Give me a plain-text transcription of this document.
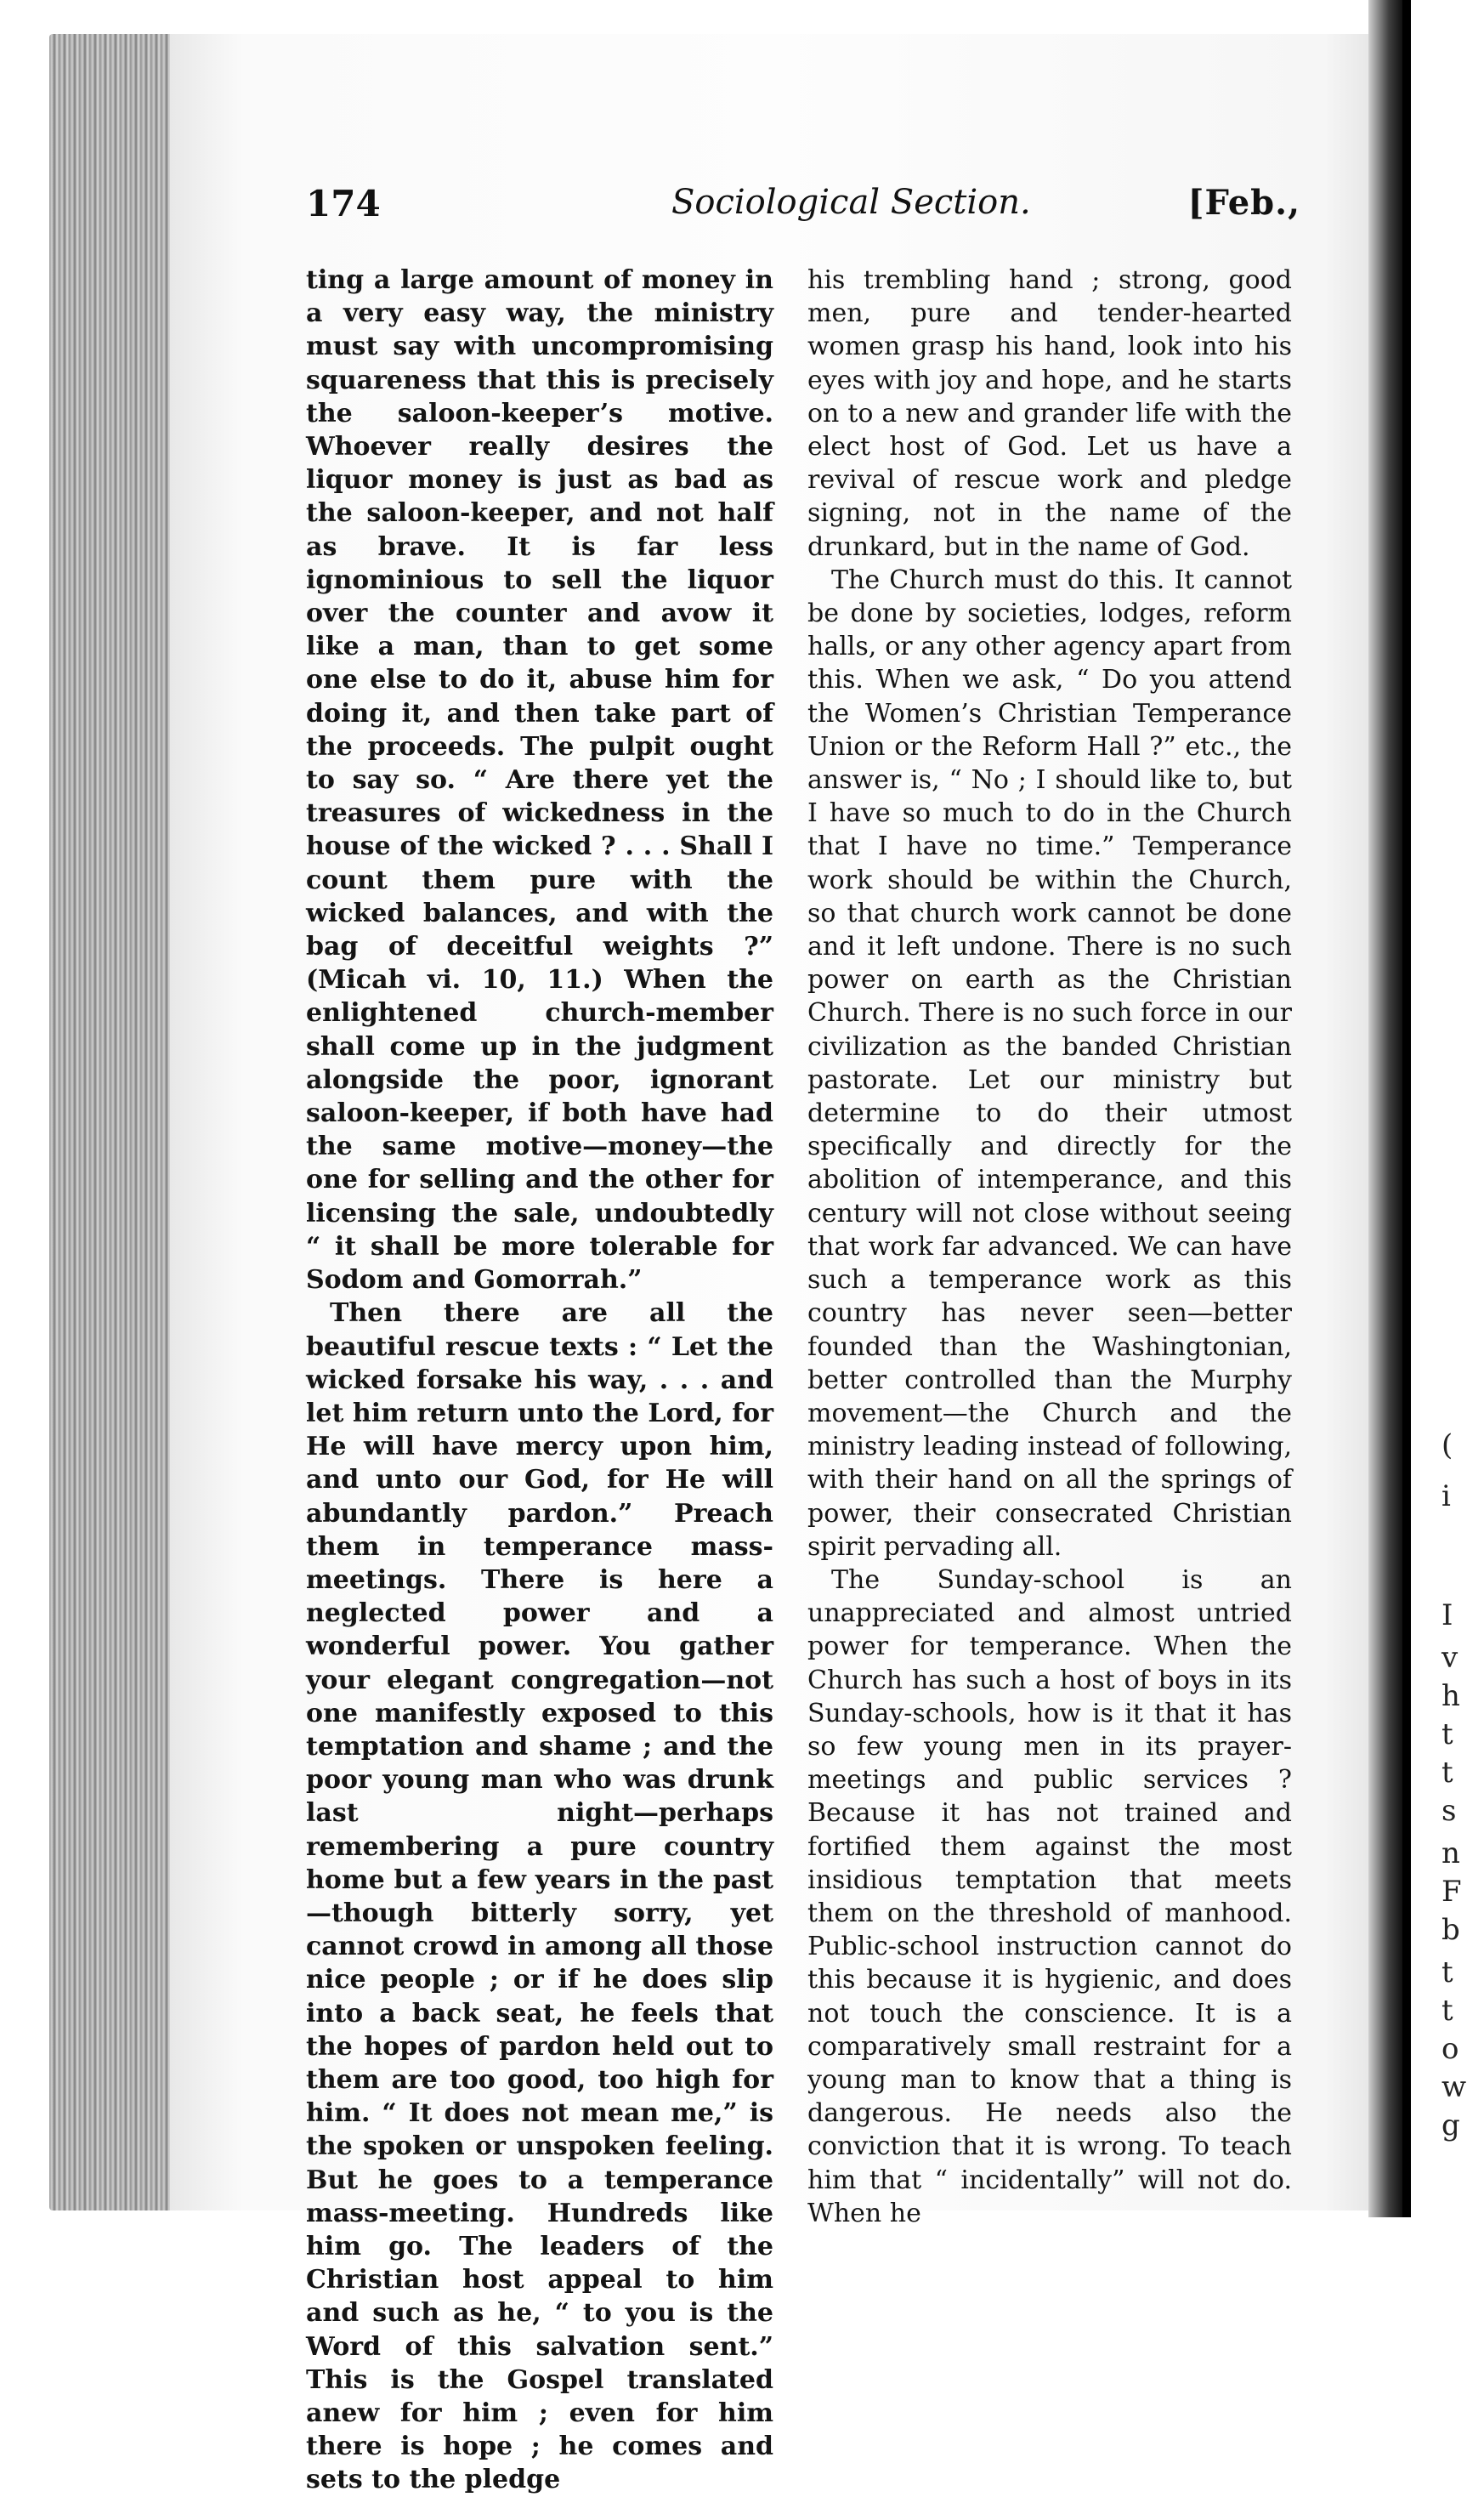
(
i
I
v
h
t
t
s
n
F
b
t
t
o
w
g
174	Sociological Section.	[Feb.,

ting a large amount of money in a very easy way, the ministry must say with uncompromising squareness that this is precisely the saloon-keeper’s motive. Whoever really desires the liquor money is just as bad as the saloon-keeper, and not half as brave. It is far less ignominious to sell the liquor over the counter and avow it like a man, than to get some one else to do it, abuse him for doing it, and then take part of the proceeds. The pulpit ought to say so. “ Are there yet the treasures of wickedness in the house of the wicked ? . . . Shall I count them pure with the wicked balances, and with the bag of deceitful weights ?” (Micah vi. 10, 11.) When the enlightened church-member shall come up in the judgment alongside the poor, ignorant saloon-keeper, if both have had the same motive—money—the one for selling and the other for licensing the sale, undoubtedly “ it shall be more tolerable for Sodom and Gomorrah.”

Then there are all the beautiful rescue texts : “ Let the wicked forsake his way, . . . and let him return unto the Lord, for He will have mercy upon him, and unto our God, for He will abundantly pardon.” Preach them in temperance mass-meetings. There is here a neglected power and a wonderful power. You gather your elegant congregation—not one manifestly exposed to this temptation and shame ; and the poor young man who was drunk last night—perhaps remembering a pure country home but a few years in the past—though bitterly sorry, yet cannot crowd in among all those nice people ; or if he does slip into a back seat, he feels that the hopes of pardon held out to them are too good, too high for him. “ It does not mean me,” is the spoken or unspoken feeling. But he goes to a temperance mass-meeting. Hundreds like him go. The leaders of the Christian host appeal to him and such as he, “ to you is the Word of this salvation sent.” This is the Gospel translated anew for him ; even for him there is hope ; he comes and sets to the pledge

his trembling hand ; strong, good men, pure and tender-hearted women grasp his hand, look into his eyes with joy and hope, and he starts on to a new and grander life with the elect host of God. Let us have a revival of rescue work and pledge signing, not in the name of the drunkard, but in the name of God.

The Church must do this. It cannot be done by societies, lodges, reform halls, or any other agency apart from this. When we ask, “ Do you attend the Women’s Christian Temperance Union or the Reform Hall ?” etc., the answer is, “ No ; I should like to, but I have so much to do in the Church that I have no time.” Temperance work should be within the Church, so that church work cannot be done and it left undone. There is no such power on earth as the Christian Church. There is no such force in our civilization as the banded Christian pastorate. Let our ministry but determine to do their utmost specifically and directly for the abolition of intemperance, and this century will not close without seeing that work far advanced. We can have such a temperance work as this country has never seen—better founded than the Washingtonian, better controlled than the Murphy movement—the Church and the ministry leading instead of following, with their hand on all the springs of power, their consecrated Christian spirit pervading all.

The Sunday-school is an unappreciated and almost untried power for temperance. When the Church has such a host of boys in its Sunday-schools, how is it that it has so few young men in its prayer-meetings and public services ? Because it has not trained and fortified them against the most insidious temptation that meets them on the threshold of manhood. Public-school instruction cannot do this because it is hygienic, and does not touch the conscience. It is a comparatively small restraint for a young man to know that a thing is dangerous. He needs also the conviction that it is wrong. To teach him that “ incidentally” will not do. When he
